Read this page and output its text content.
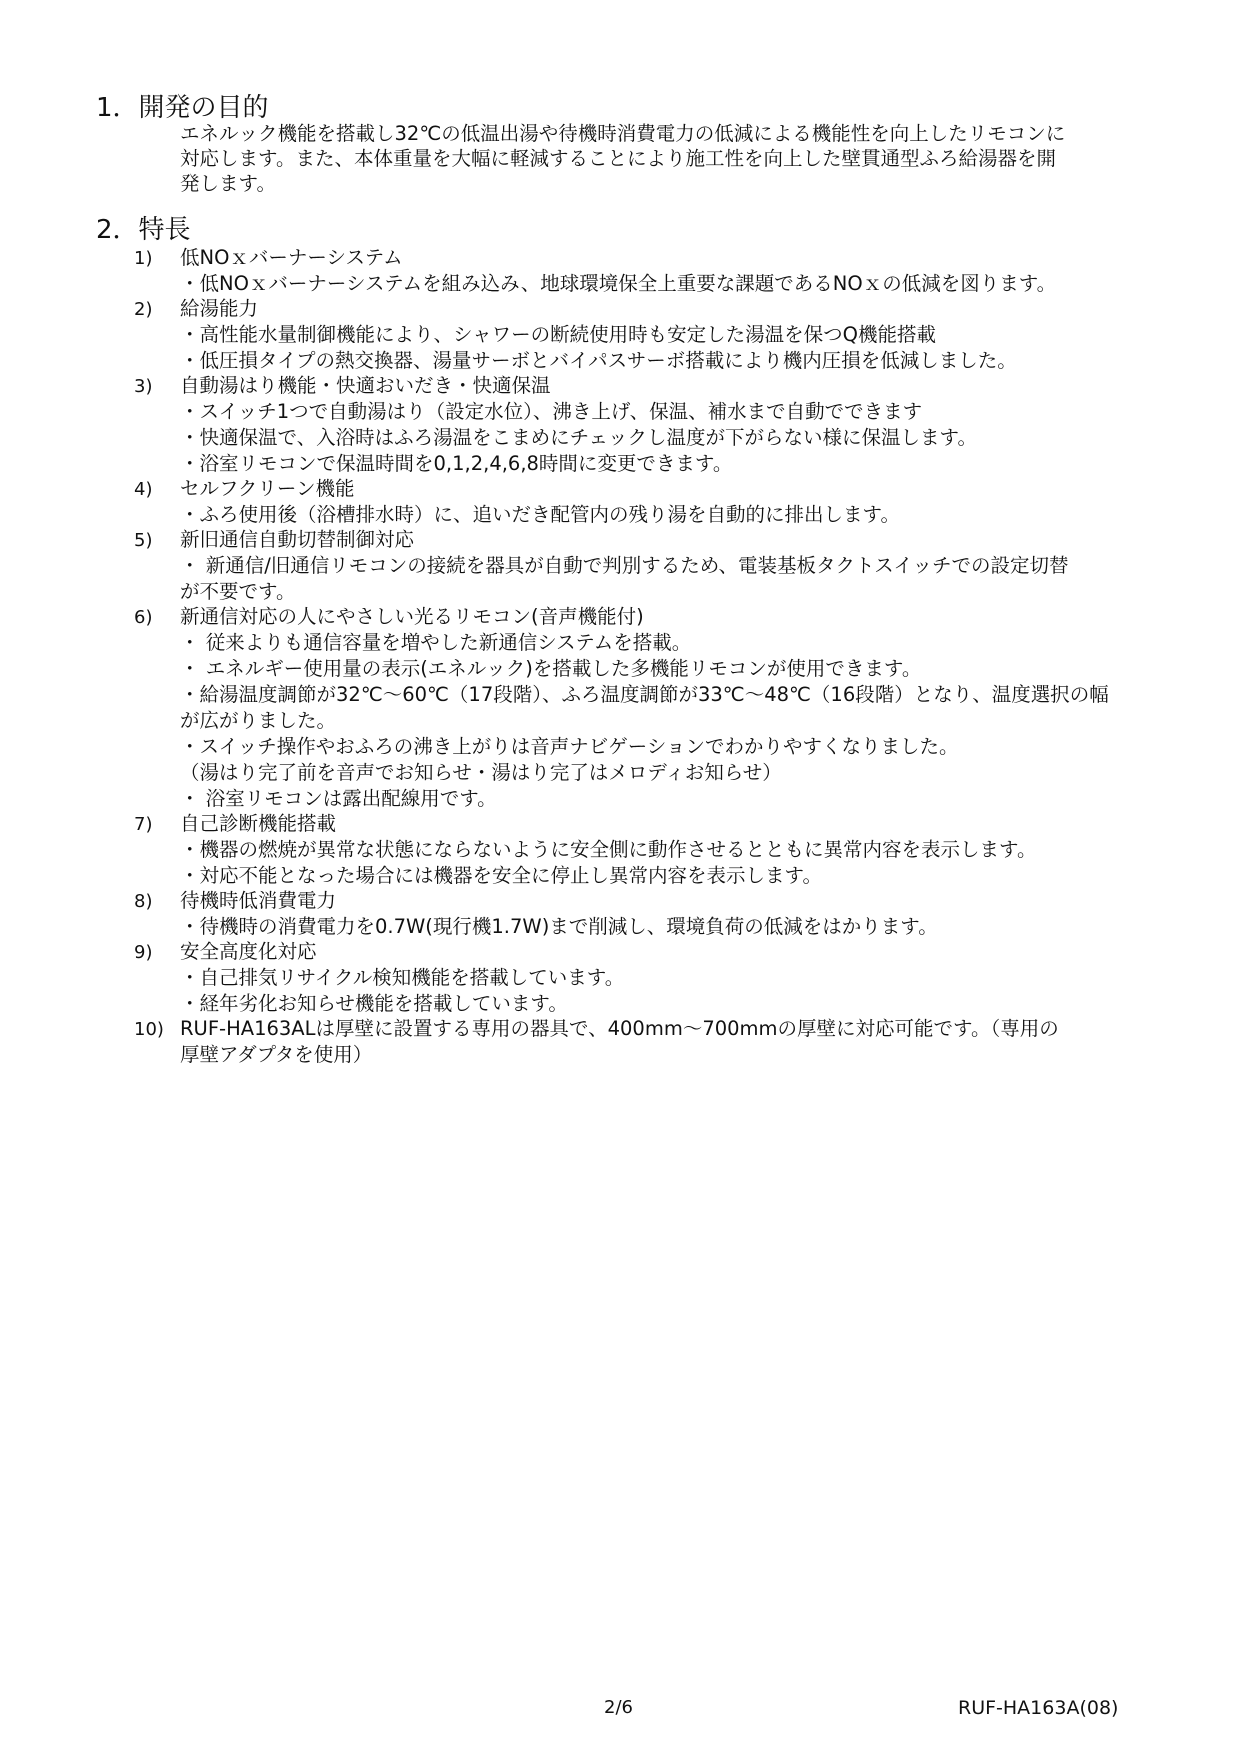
1．開発の目的
エネルック機能を搭載し32℃の低温出湯や待機時消費電力の低減による機能性を向上したリモコンに
対応します。また、本体重量を大幅に軽減することにより施工性を向上した壁貫通型ふろ給湯器を開
発します。
2．特長
1) 低NOｘバーナーシステム
・低NOｘバーナーシステムを組み込み、地球環境保全上重要な課題であるNOｘの低減を図ります。
2) 給湯能力
・高性能水量制御機能により、シャワーの断続使用時も安定した湯温を保つQ機能搭載
・低圧損タイプの熱交換器、湯量サーボとバイパスサーボ搭載により機内圧損を低減しました。
3) 自動湯はり機能・快適おいだき・快適保温
・スイッチ1つで自動湯はり（設定水位）、沸き上げ、保温、補水まで自動でできます
・快適保温で、入浴時はふろ湯温をこまめにチェックし温度が下がらない様に保温します。
・浴室リモコンで保温時間を0,1,2,4,6,8時間に変更できます。
4) セルフクリーン機能
・ふろ使用後（浴槽排水時）に、追いだき配管内の残り湯を自動的に排出します。
5) 新旧通信自動切替制御対応
・ 新通信/旧通信リモコンの接続を器具が自動で判別するため、電装基板タクトスイッチでの設定切替
が不要です。
6) 新通信対応の人にやさしい光るリモコン(音声機能付)
・ 従来よりも通信容量を増やした新通信システムを搭載。
・ エネルギー使用量の表示(エネルック)を搭載した多機能リモコンが使用できます。
・給湯温度調節が32℃～60℃（17段階）、ふろ温度調節が33℃～48℃（16段階）となり、温度選択の幅
が広がりました。
・スイッチ操作やおふろの沸き上がりは音声ナビゲーションでわかりやすくなりました。
（湯はり完了前を音声でお知らせ・湯はり完了はメロディお知らせ）
・ 浴室リモコンは露出配線用です。
7) 自己診断機能搭載
・機器の燃焼が異常な状態にならないように安全側に動作させるとともに異常内容を表示します。
・対応不能となった場合には機器を安全に停止し異常内容を表示します。
8) 待機時低消費電力
・待機時の消費電力を0.7W(現行機1.7W)まで削減し、環境負荷の低減をはかります。
9) 安全高度化対応
・自己排気リサイクル検知機能を搭載しています。
・経年劣化お知らせ機能を搭載しています。
10) RUF-HA163ALは厚壁に設置する専用の器具で、400mm～700mmの厚壁に対応可能です。（専用の
厚壁アダプタを使用）
2/6	RUF-HA163A(08)
